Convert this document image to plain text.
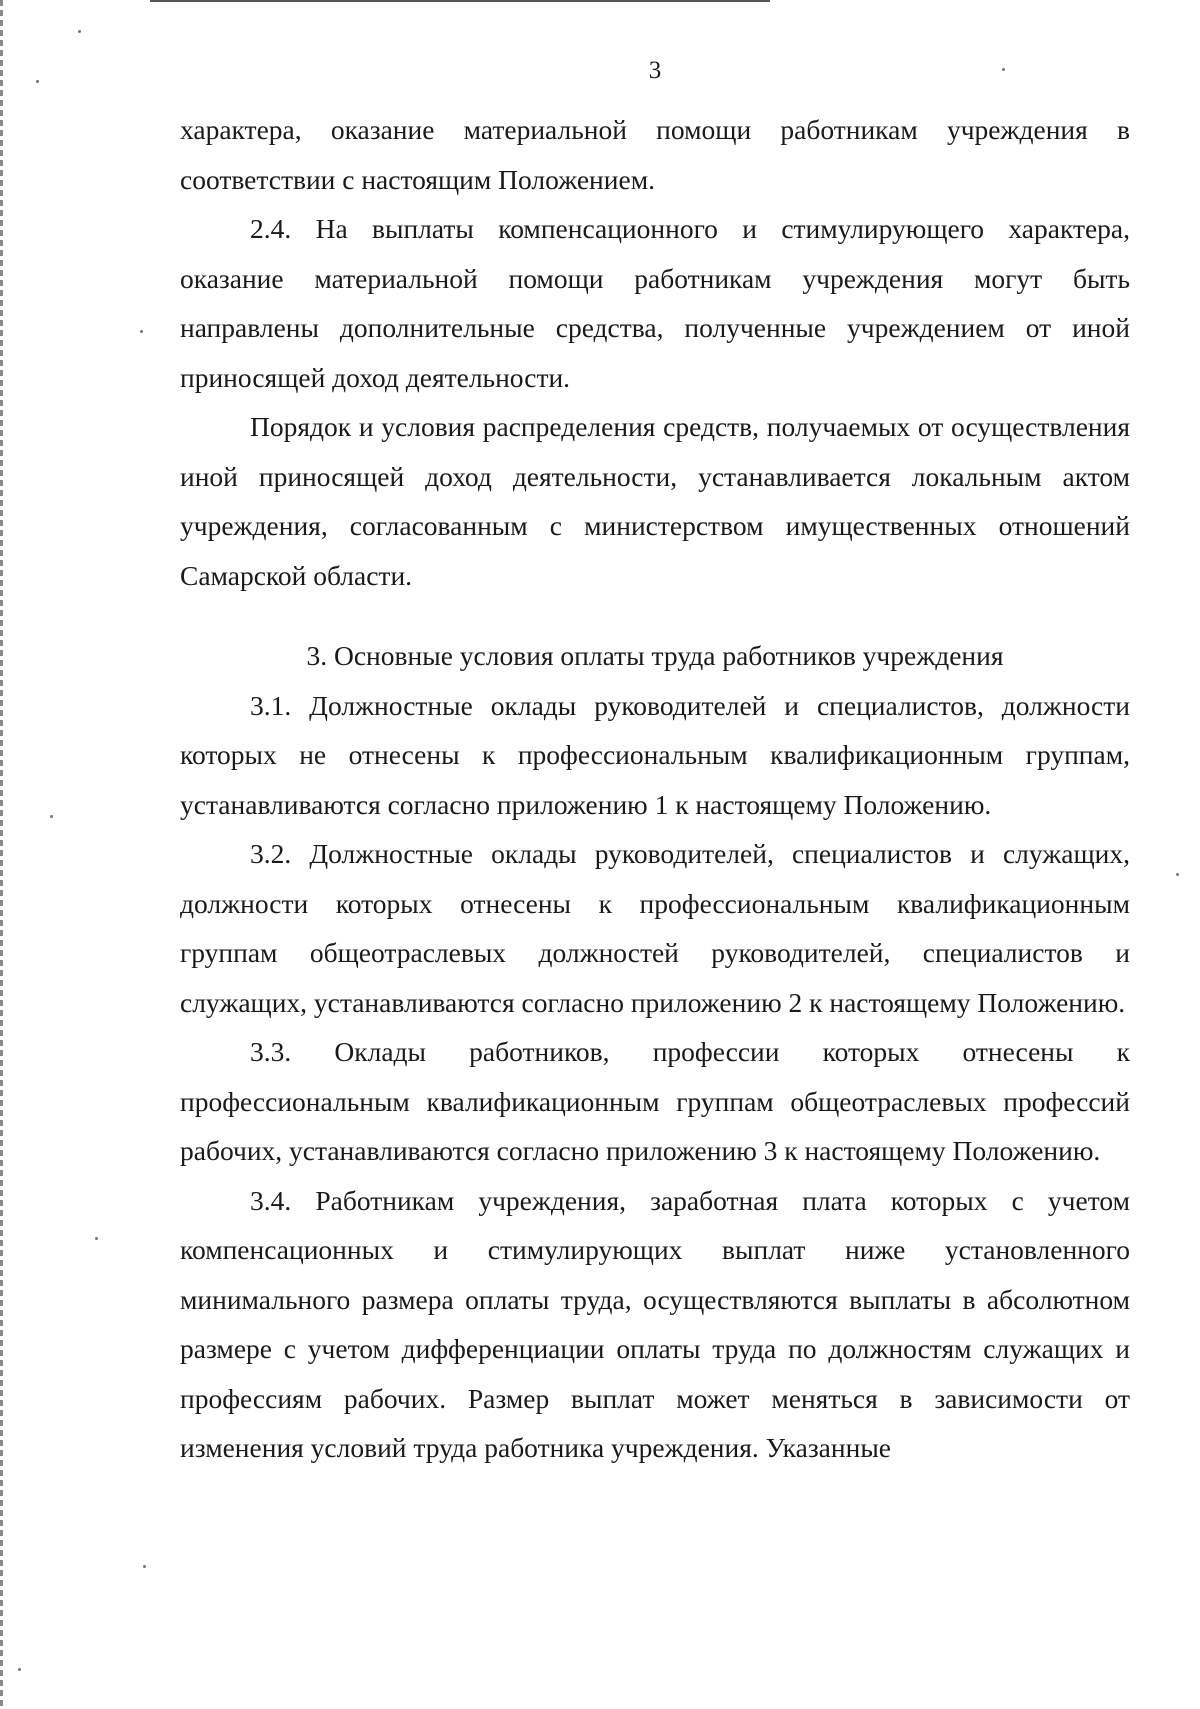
3

характера, оказание материальной помощи работникам учреждения в соответствии с настоящим Положением.

2.4. На выплаты компенсационного и стимулирующего характера, оказание материальной помощи работникам учреждения могут быть направлены дополнительные средства, полученные учреждением от иной приносящей доход деятельности.

Порядок и условия распределения средств, получаемых от осуществления иной приносящей доход деятельности, устанавливается локальным актом учреждения, согласованным с министерством имущественных отношений Самарской области.

3. Основные условия оплаты труда работников учреждения

3.1. Должностные оклады руководителей и специалистов, должности которых не отнесены к профессиональным квалификационным группам, устанавливаются согласно приложению 1 к настоящему Положению.

3.2. Должностные оклады руководителей, специалистов и служащих, должности которых отнесены к профессиональным квалификационным группам общеотраслевых должностей руководителей, специалистов и служащих, устанавливаются согласно приложению 2 к настоящему Положению.

3.3. Оклады работников, профессии которых отнесены к профессиональным квалификационным группам общеотраслевых профессий рабочих, устанавливаются согласно приложению 3 к настоящему Положению.

3.4. Работникам учреждения, заработная плата которых с учетом компенсационных и стимулирующих выплат ниже установленного минимального размера оплаты труда, осуществляются выплаты в абсолютном размере с учетом дифференциации оплаты труда по должностям служащих и профессиям рабочих. Размер выплат может меняться в зависимости от изменения условий труда работника учреждения. Указанные
